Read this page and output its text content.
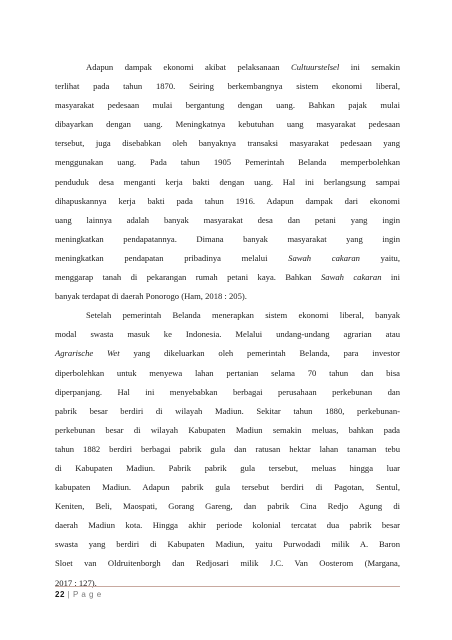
Adapun dampak ekonomi akibat pelaksanaan Cultuurstelsel ini semakin
terlihat pada tahun 1870. Seiring berkembangnya sistem ekonomi liberal,
masyarakat pedesaan mulai bergantung dengan uang. Bahkan pajak mulai
dibayarkan dengan uang. Meningkatnya kebutuhan uang masyarakat pedesaan
tersebut, juga disebabkan oleh banyaknya transaksi masyarakat pedesaan yang
menggunakan uang. Pada tahun 1905 Pemerintah Belanda memperbolehkan
penduduk desa menganti kerja bakti dengan uang. Hal ini berlangsung sampai
dihapuskannya kerja bakti pada tahun 1916. Adapun dampak dari ekonomi
uang lainnya adalah banyak masyarakat desa dan petani yang ingin
meningkatkan pendapatannya. Dimana banyak masyarakat yang ingin
meningkatkan pendapatan pribadinya melalui Sawah cakaran yaitu,
menggarap tanah di pekarangan rumah petani kaya. Bahkan Sawah cakaran ini
banyak terdapat di daerah Ponorogo (Ham, 2018 : 205).
Setelah pemerintah Belanda menerapkan sistem ekonomi liberal, banyak
modal swasta masuk ke Indonesia. Melalui undang-undang agrarian atau
Agrarische Wet yang dikeluarkan oleh pemerintah Belanda, para investor
diperbolehkan untuk menyewa lahan pertanian selama 70 tahun dan bisa
diperpanjang. Hal ini menyebabkan berbagai perusahaan perkebunan dan
pabrik besar berdiri di wilayah Madiun. Sekitar tahun 1880, perkebunan-
perkebunan besar di wilayah Kabupaten Madiun semakin meluas, bahkan pada
tahun 1882 berdiri berbagai pabrik gula dan ratusan hektar lahan tanaman tebu
di Kabupaten Madiun. Pabrik pabrik gula tersebut, meluas hingga luar
kabupaten Madiun. Adapun pabrik gula tersebut berdiri di Pagotan, Sentul,
Keniten, Beli, Maospati, Gorang Gareng, dan pabrik Cina Redjo Agung di
daerah Madiun kota. Hingga akhir periode kolonial tercatat dua pabrik besar
swasta yang berdiri di Kabupaten Madiun, yaitu Purwodadi milik A. Baron
Sloet van Oldruitenborgh dan Redjosari milik J.C. Van Oosterom (Margana,
2017 : 127).
22 | P a g e
